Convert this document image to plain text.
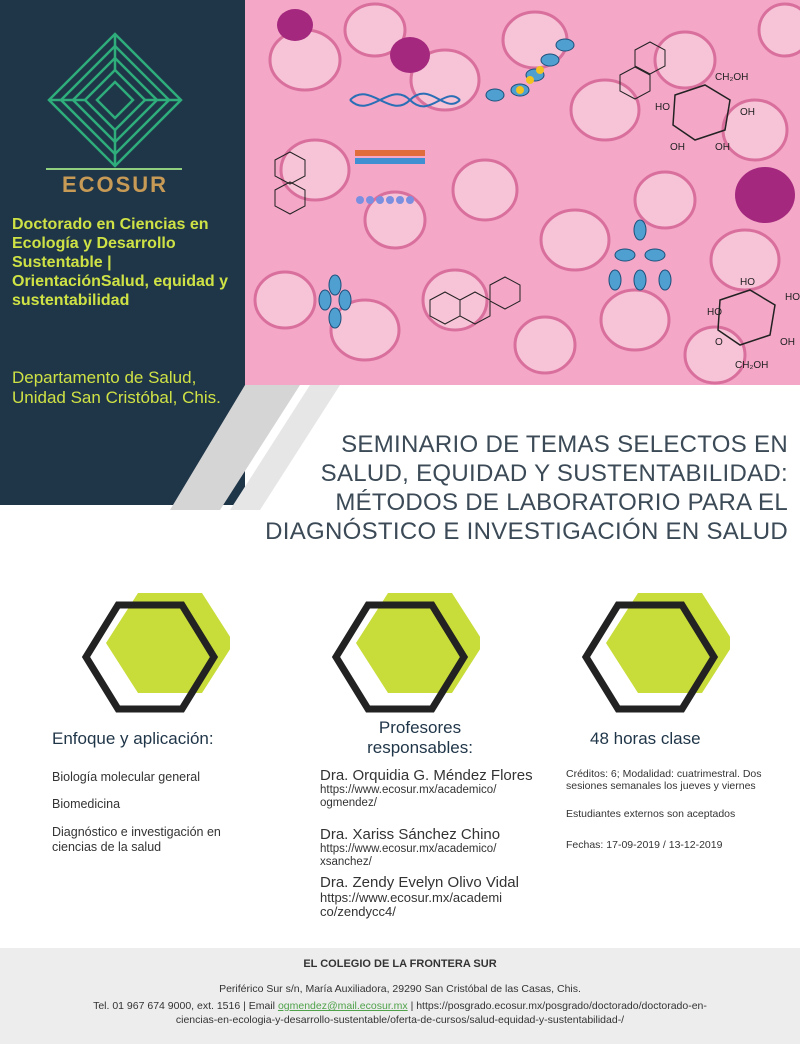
ECOSUR
Doctorado en Ciencias en Ecología y Desarrollo Sustentable | OrientaciónSalud, equidad y sustentabilidad
Departamento de Salud, Unidad San Cristóbal, Chis.
CH₂OH
OH
OH
OH
HO
HO
HO
HO
O	OH
CH₂OH
SEMINARIO DE TEMAS SELECTOS EN
SALUD, EQUIDAD Y SUSTENTABILIDAD:
MÉTODOS DE LABORATORIO PARA EL
DIAGNÓSTICO E INVESTIGACIÓN EN SALUD
Enfoque y aplicación:
Biología molecular general
Biomedicina
Diagnóstico e investigación en ciencias de la salud
Profesores responsables:
Dra. Orquidia G. Méndez Flores
https://www.ecosur.mx/academico/ ogmendez/
Dra. Xariss Sánchez Chino
https://www.ecosur.mx/academico/ xsanchez/
Dra. Zendy Evelyn Olivo Vidal
https://www.ecosur.mx/academi co/zendycc4/
48 horas clase
Créditos: 6; Modalidad: cuatrimestral. Dos sesiones semanales los jueves y viernes
Estudiantes externos son aceptados
Fechas: 17-09-2019 / 13-12-2019
EL COLEGIO DE LA FRONTERA SUR
Periférico Sur s/n, María Auxiliadora, 29290 San Cristóbal de las Casas, Chis.
Tel. 01 967 674 9000, ext. 1516 | Email ogmendez@mail.ecosur.mx | https://posgrado.ecosur.mx/posgrado/doctorado/doctorado-en-
ciencias-en-ecologia-y-desarrollo-sustentable/oferta-de-cursos/salud-equidad-y-sustentabilidad-/
